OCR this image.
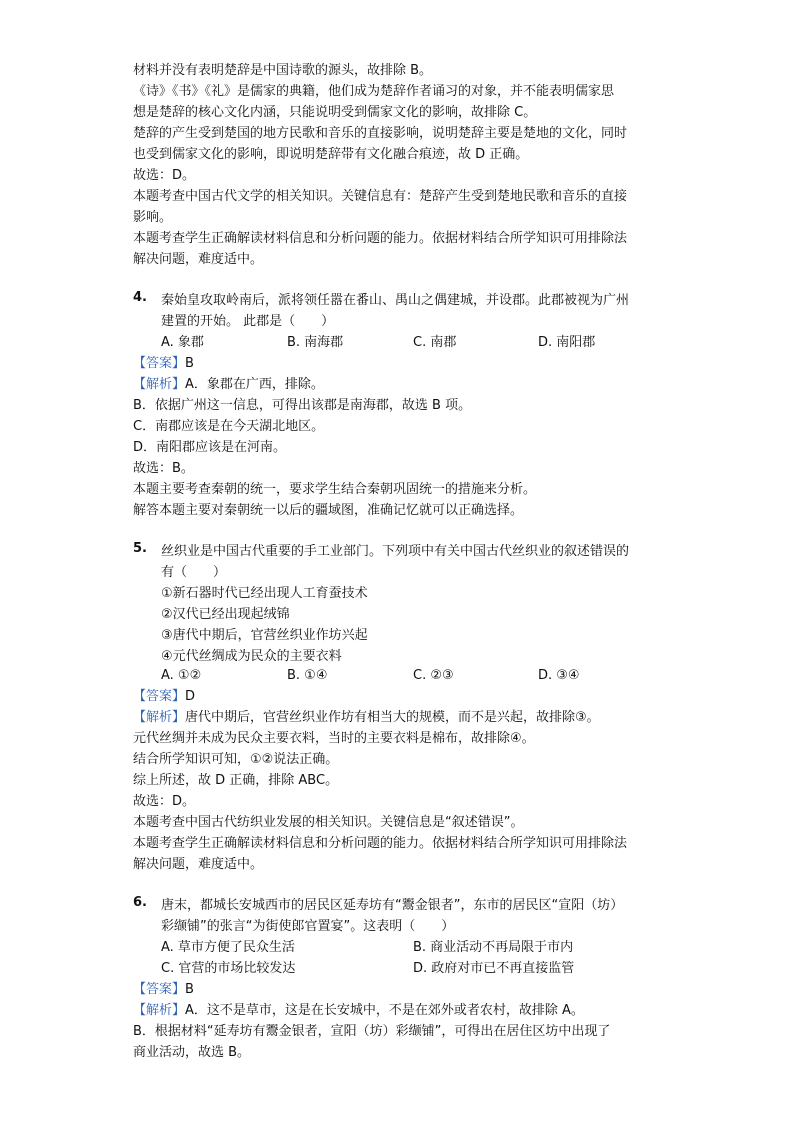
材料并没有表明楚辞是中国诗歌的源头，故排除 B。
《诗》《书》《礼》是儒家的典籍，他们成为楚辞作者诵习的对象，并不能表明儒家思
想是楚辞的核心文化内涵，只能说明受到儒家文化的影响，故排除 C。
楚辞的产生受到楚国的地方民歌和音乐的直接影响，说明楚辞主要是楚地的文化，同时
也受到儒家文化的影响，即说明楚辞带有文化融合痕迹，故 D 正确。
故选：D。
本题考查中国古代文学的相关知识。关键信息有：楚辞产生受到楚地民歌和音乐的直接
影响。
本题考查学生正确解读材料信息和分析问题的能力。依据材料结合所学知识可用排除法
解决问题，难度适中。
4. 秦始皇攻取岭南后，派将领任嚣在番山、禺山之偶建城，并设郡。此郡被视为广州
建置的开始。 此郡是（　　）
A. 象郡	B. 南海郡	C. 南郡	D. 南阳郡
【答案】B
【解析】A．象郡在广西，排除。
B．依据广州这一信息，可得出该郡是南海郡，故选 B 项。
C．南郡应该是在今天湖北地区。
D．南阳郡应该是在河南。
故选：B。
本题主要考查秦朝的统一，要求学生结合秦朝巩固统一的措施来分析。
解答本题主要对秦朝统一以后的疆域图，准确记忆就可以正确选择。
5. 丝织业是中国古代重要的手工业部门。下列项中有关中国古代丝织业的叙述错误的
有（　　）
①新石器时代已经出现人工育蚕技术
②汉代已经出现起绒锦
③唐代中期后，官营丝织业作坊兴起
④元代丝绸成为民众的主要衣料
A. ①②	B. ①④	C. ②③	D. ③④
【答案】D
【解析】唐代中期后，官营丝织业作坊有相当大的规模，而不是兴起，故排除③。
元代丝绸并未成为民众主要衣料，当时的主要衣料是棉布，故排除④。
结合所学知识可知，①②说法正确。
综上所述，故 D 正确，排除 ABC。
故选：D。
本题考查中国古代纺织业发展的相关知识。关键信息是“叙述错误”。
本题考查学生正确解读材料信息和分析问题的能力。依据材料结合所学知识可用排除法
解决问题，难度适中。
6. 唐末，都城长安城西市的居民区延寿坊有“鬻金银者”，东市的居民区“宣阳（坊）
彩缬铺”的张言“为街使郎官置宴”。这表明（　　）
A. 草市方便了民众生活	B. 商业活动不再局限于市内
C. 官营的市场比较发达	D. 政府对市已不再直接监管
【答案】B
【解析】A．这不是草市，这是在长安城中，不是在郊外或者农村，故排除 A。
B．根据材料“延寿坊有鬻金银者，宣阳（坊）彩缬铺”，可得出在居住区坊中出现了
商业活动，故选 B。
